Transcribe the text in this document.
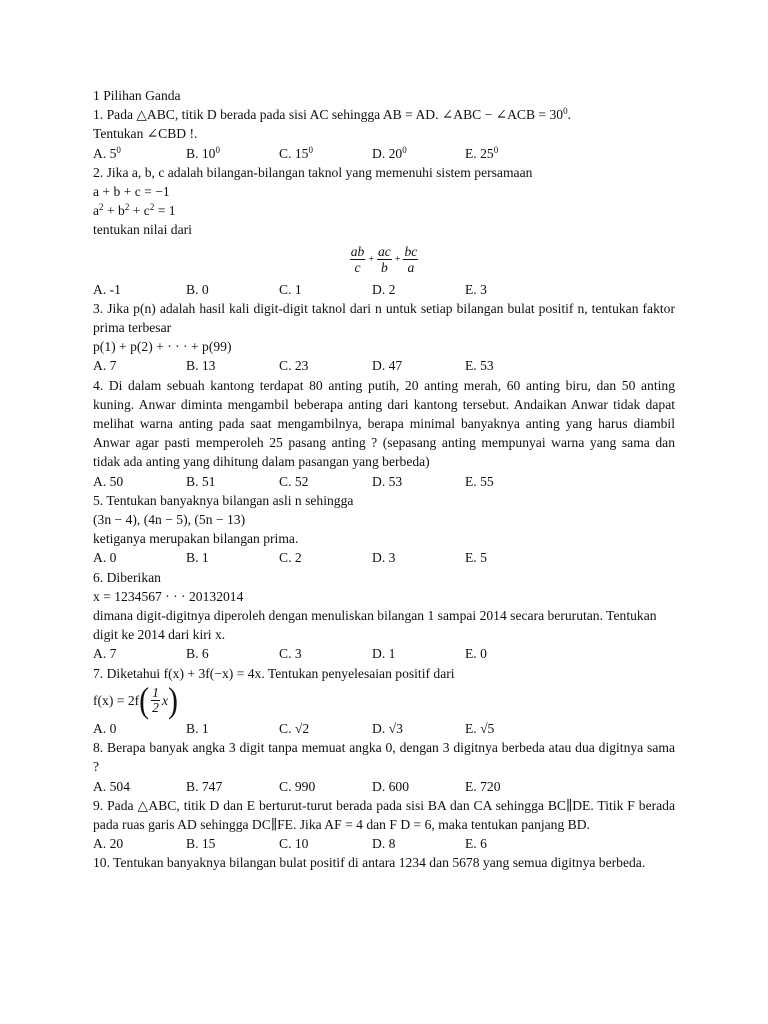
1 Pilihan Ganda
1. Pada △ABC, titik D berada pada sisi AC sehingga AB = AD. ∠ABC − ∠ACB = $30^0$.
Tentukan ∠CBD !.
A. $5^0$	B. $10^0$	C. $15^0$	D. $20^0$	E. $25^0$
2. Jika a, b, c adalah bilangan-bilangan taknol yang memenuhi sistem persamaan
a + b + c = −1
$a^2 + b^2 + c^2 = 1$
tentukan nilai dari
$\frac{ab}{c} + \frac{ac}{b} + \frac{bc}{a}$
A. -1	B. 0	C. 1	D. 2	E. 3
3. Jika p(n) adalah hasil kali digit-digit taknol dari n untuk setiap bilangan bulat positif n, tentukan faktor prima terbesar
p(1) + p(2) + · · · + p(99)
A. 7	B. 13	C. 23	D. 47	E. 53
4. Di dalam sebuah kantong terdapat 80 anting putih, 20 anting merah, 60 anting biru, dan 50 anting kuning. Anwar diminta mengambil beberapa anting dari kantong tersebut. Andaikan Anwar tidak dapat melihat warna anting pada saat mengambilnya, berapa minimal banyaknya anting yang harus diambil Anwar agar pasti memperoleh 25 pasang anting ? (sepasang anting mempunyai warna yang sama dan tidak ada anting yang dihitung dalam pasangan yang berbeda)
A. 50	B. 51	C. 52	D. 53	E. 55
5. Tentukan banyaknya bilangan asli n sehingga
(3n − 4), (4n − 5), (5n − 13)
ketiganya merupakan bilangan prima.
A. 0	B. 1	C. 2	D. 3	E. 5
6. Diberikan
x = 1234567 · · · 20132014
dimana digit-digitnya diperoleh dengan menuliskan bilangan 1 sampai 2014 secara berurutan. Tentukan digit ke 2014 dari kiri x.
A. 7	B. 6	C. 3	D. 1	E. 0
7. Diketahui f(x) + 3f(−x) = 4x. Tentukan penyelesaian positif dari
f(x) = 2f ( $\frac{1}{2}$ x )
A. 0	B. 1	C. √2	D. √3	E. √5
8. Berapa banyak angka 3 digit tanpa memuat angka 0, dengan 3 digitnya berbeda atau dua digitnya sama ?
A. 504	B. 747	C. 990	D. 600	E. 720
9. Pada △ABC, titik D dan E berturut-turut berada pada sisi BA dan CA sehingga BC∥DE. Titik F berada pada ruas garis AD sehingga DC∥FE. Jika AF = 4 dan F D = 6, maka tentukan panjang BD.
A. 20	B. 15	C. 10	D. 8	E. 6
10. Tentukan banyaknya bilangan bulat positif di antara 1234 dan 5678 yang semua digitnya berbeda.
